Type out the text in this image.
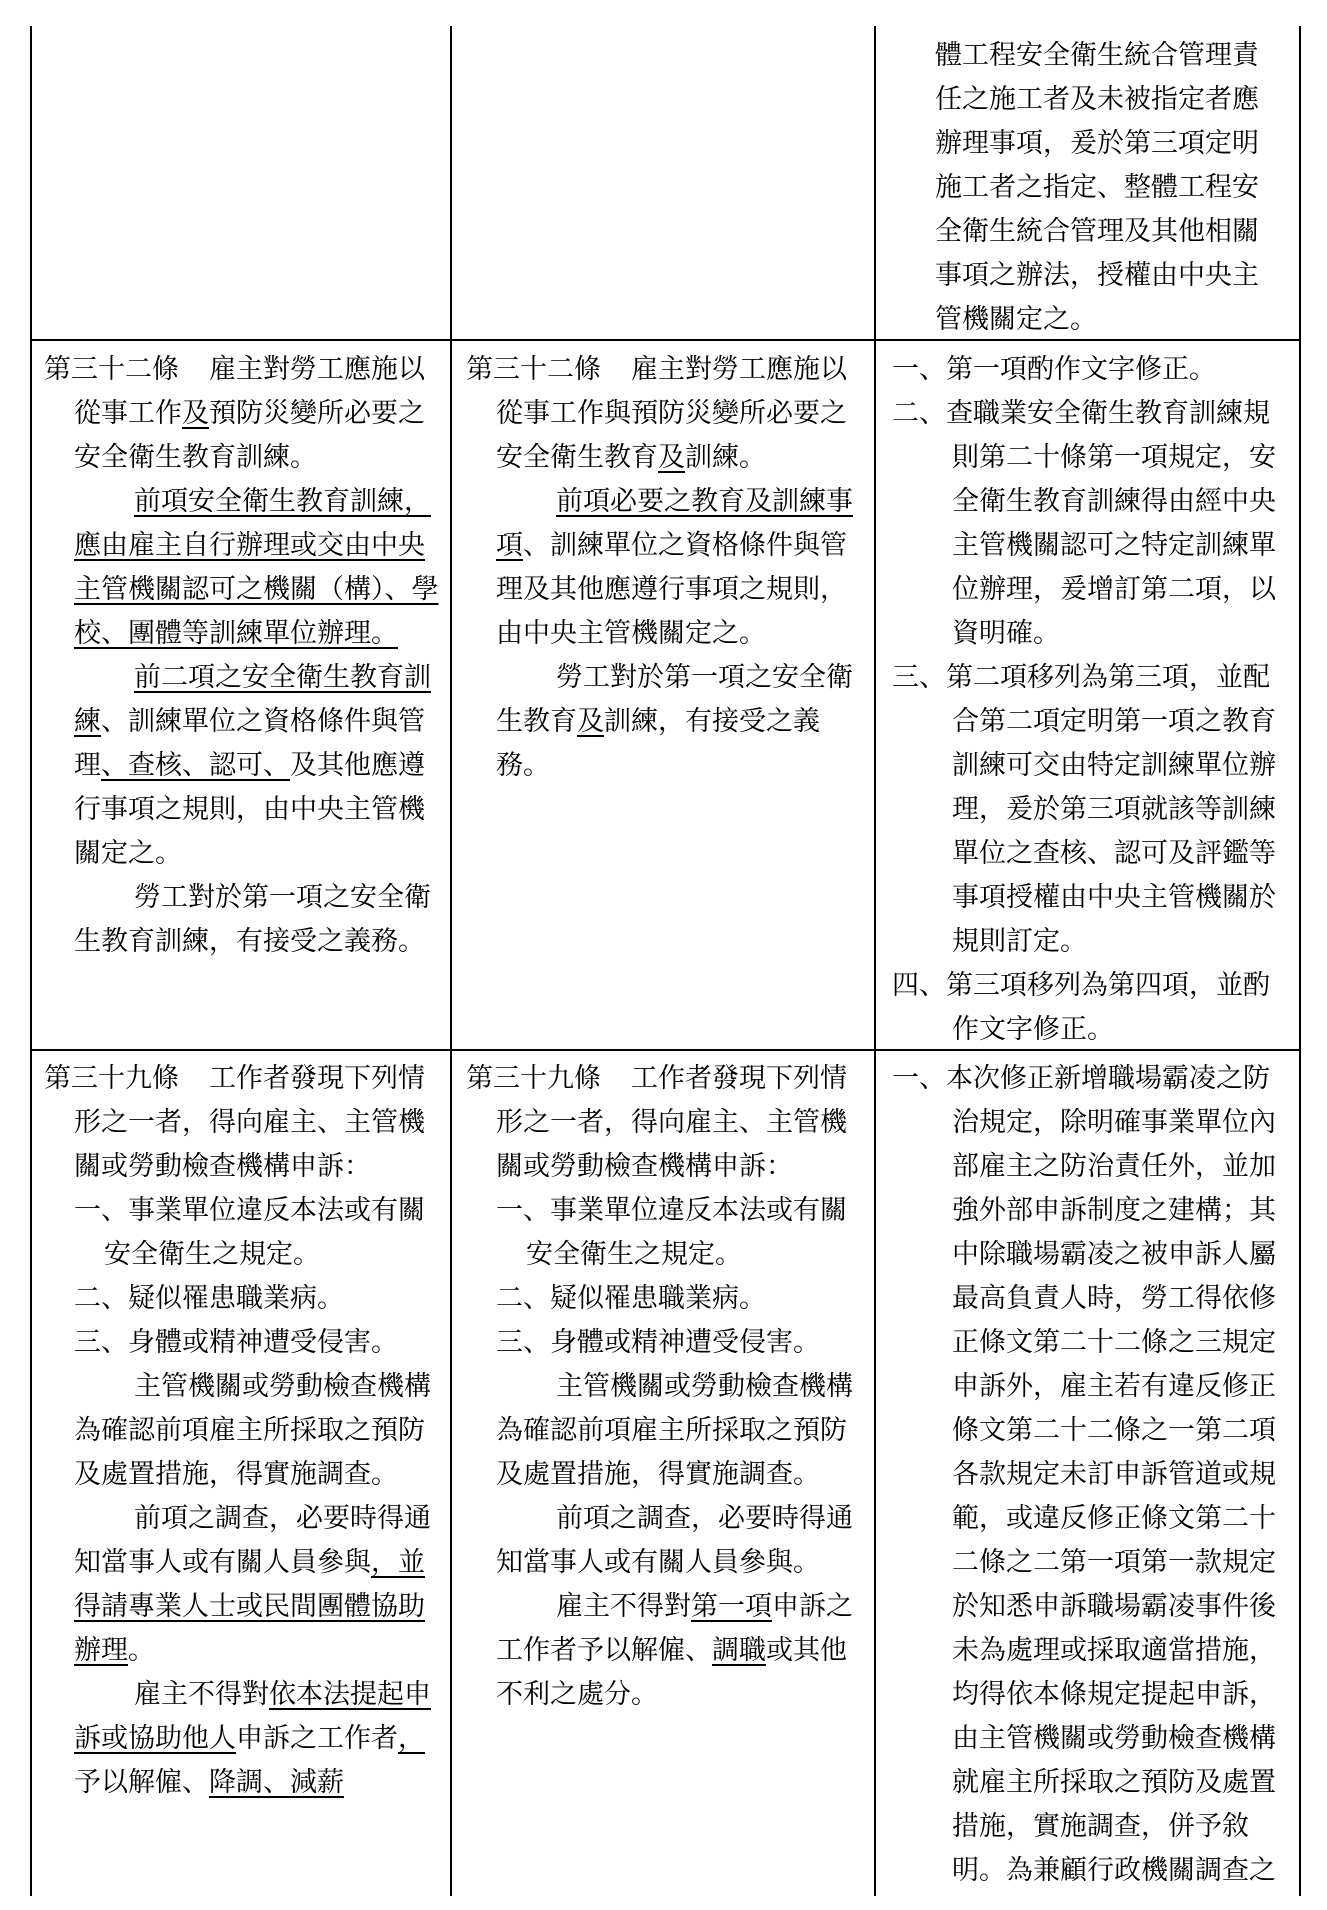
體工程安全衛生統合管理責任之施工者及未被指定者應辦理事項，爰於第三項定明施工者之指定、整體工程安全衛生統合管理及其他相關事項之辦法，授權由中央主管機關定之。

第三十二條 雇主對勞工應施以從事工作及預防災變所必要之安全衛生教育訓練。

前項安全衛生教育訓練，應由雇主自行辦理或交由中央主管機關認可之機關（構）、學校、團體等訓練單位辦理。

前二項之安全衛生教育訓練、訓練單位之資格條件與管理、查核、認可、及其他應遵行事項之規則，由中央主管機關定之。

勞工對於第一項之安全衛生教育訓練，有接受之義務。

第三十二條 雇主對勞工應施以從事工作與預防災變所必要之安全衛生教育及訓練。

前項必要之教育及訓練事項、訓練單位之資格條件與管理及其他應遵行事項之規則，由中央主管機關定之。

勞工對於第一項之安全衛生教育及訓練，有接受之義務。

一、第一項酌作文字修正。

二、查職業安全衛生教育訓練規則第二十條第一項規定，安全衛生教育訓練得由經中央主管機關認可之特定訓練單位辦理，爰增訂第二項，以資明確。

三、第二項移列為第三項，並配合第二項定明第一項之教育訓練可交由特定訓練單位辦理，爰於第三項就該等訓練單位之查核、認可及評鑑等事項授權由中央主管機關於規則訂定。

四、第三項移列為第四項，並酌作文字修正。

第三十九條 工作者發現下列情形之一者，得向雇主、主管機關或勞動檢查機構申訴：

一、事業單位違反本法或有關安全衛生之規定。

二、疑似罹患職業病。

三、身體或精神遭受侵害。

主管機關或勞動檢查機構為確認前項雇主所採取之預防及處置措施，得實施調查。

前項之調查，必要時得通知當事人或有關人員參與，並得請專業人士或民間團體協助辦理。

雇主不得對依本法提起申訴或協助他人申訴之工作者，予以解僱、降調、減薪

第三十九條 工作者發現下列情形之一者，得向雇主、主管機關或勞動檢查機構申訴：

一、事業單位違反本法或有關安全衛生之規定。

二、疑似罹患職業病。

三、身體或精神遭受侵害。

主管機關或勞動檢查機構為確認前項雇主所採取之預防及處置措施，得實施調查。

前項之調查，必要時得通知當事人或有關人員參與。

雇主不得對第一項申訴之工作者予以解僱、調職或其他不利之處分。

一、本次修正新增職場霸凌之防治規定，除明確事業單位內部雇主之防治責任外，並加強外部申訴制度之建構；其中除職場霸凌之被申訴人屬最高負責人時，勞工得依修正條文第二十二條之三規定申訴外，雇主若有違反修正條文第二十二條之一第二項各款規定未訂申訴管道或規範，或違反修正條文第二十二條之二第一項第一款規定於知悉申訴職場霸凌事件後未為處理或採取適當措施，均得依本條規定提起申訴，由主管機關或勞動檢查機構就雇主所採取之預防及處置措施，實施調查，併予敘明。為兼顧行政機關調查之
